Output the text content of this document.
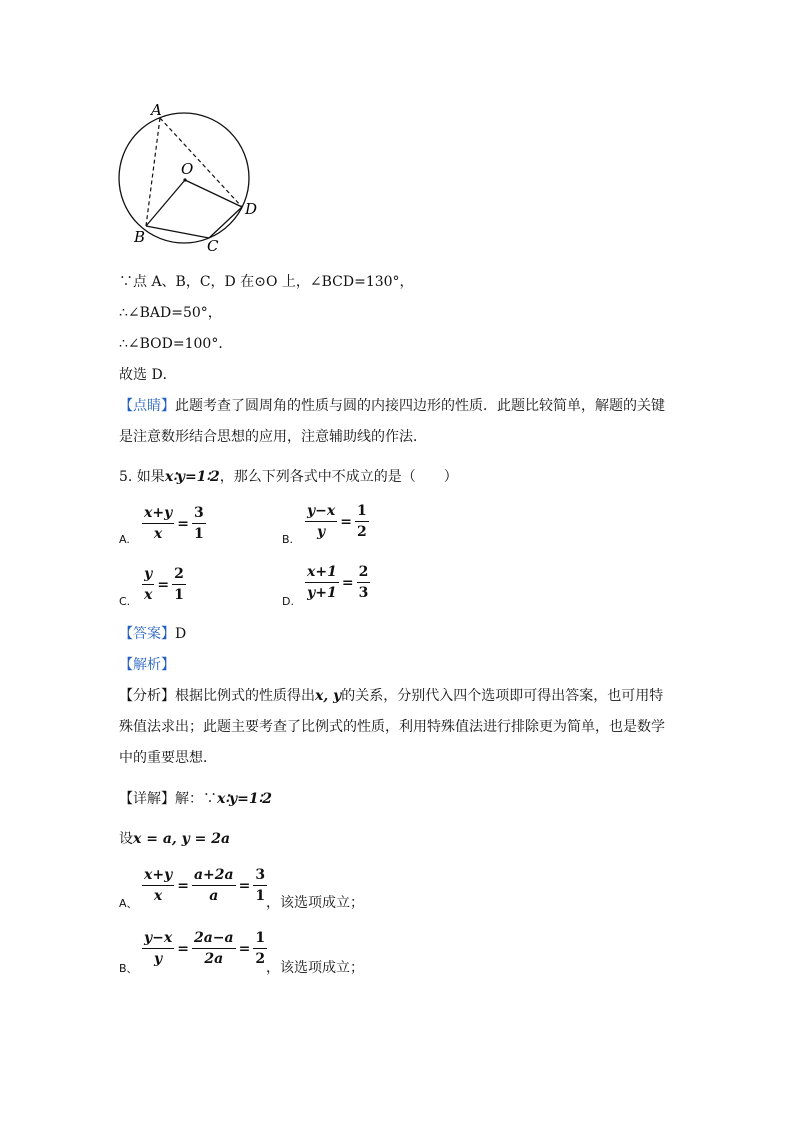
A
O
B	C
D
∵点 A、B，C，D 在⊙O 上，∠BCD=130°，
∴∠BAD=50°，
∴∠BOD=100°．
故选 D．
【点睛】此题考查了圆周角的性质与圆的内接四边形的性质．此题比较简单，解题的关键
是注意数形结合思想的应用，注意辅助线的作法．
5. 如果x∶y=1∶2，那么下列各式中不成立的是（　　）
A. $\frac{x+y}{x} = \frac{3}{1}$	B. $\frac{y-x}{y} = \frac{1}{2}$
C. $\frac{y}{x} = \frac{2}{1}$	D. $\frac{x+1}{y+1} = \frac{2}{3}$
【答案】D
【解析】
【分析】根据比例式的性质得出x, y的关系，分别代入四个选项即可得出答案，也可用特
殊值法求出；此题主要考查了比例式的性质，利用特殊值法进行排除更为简单，也是数学
中的重要思想．
【详解】解：∵x∶y=1∶2
设x = a, y = 2a
A、 $\frac{x+y}{x} = \frac{a+2a}{a} = \frac{3}{1}$
，该选项成立；
B、
$\frac{y-x}{y} = \frac{2a-a}{2a} = \frac{1}{2}$
，该选项成立；
